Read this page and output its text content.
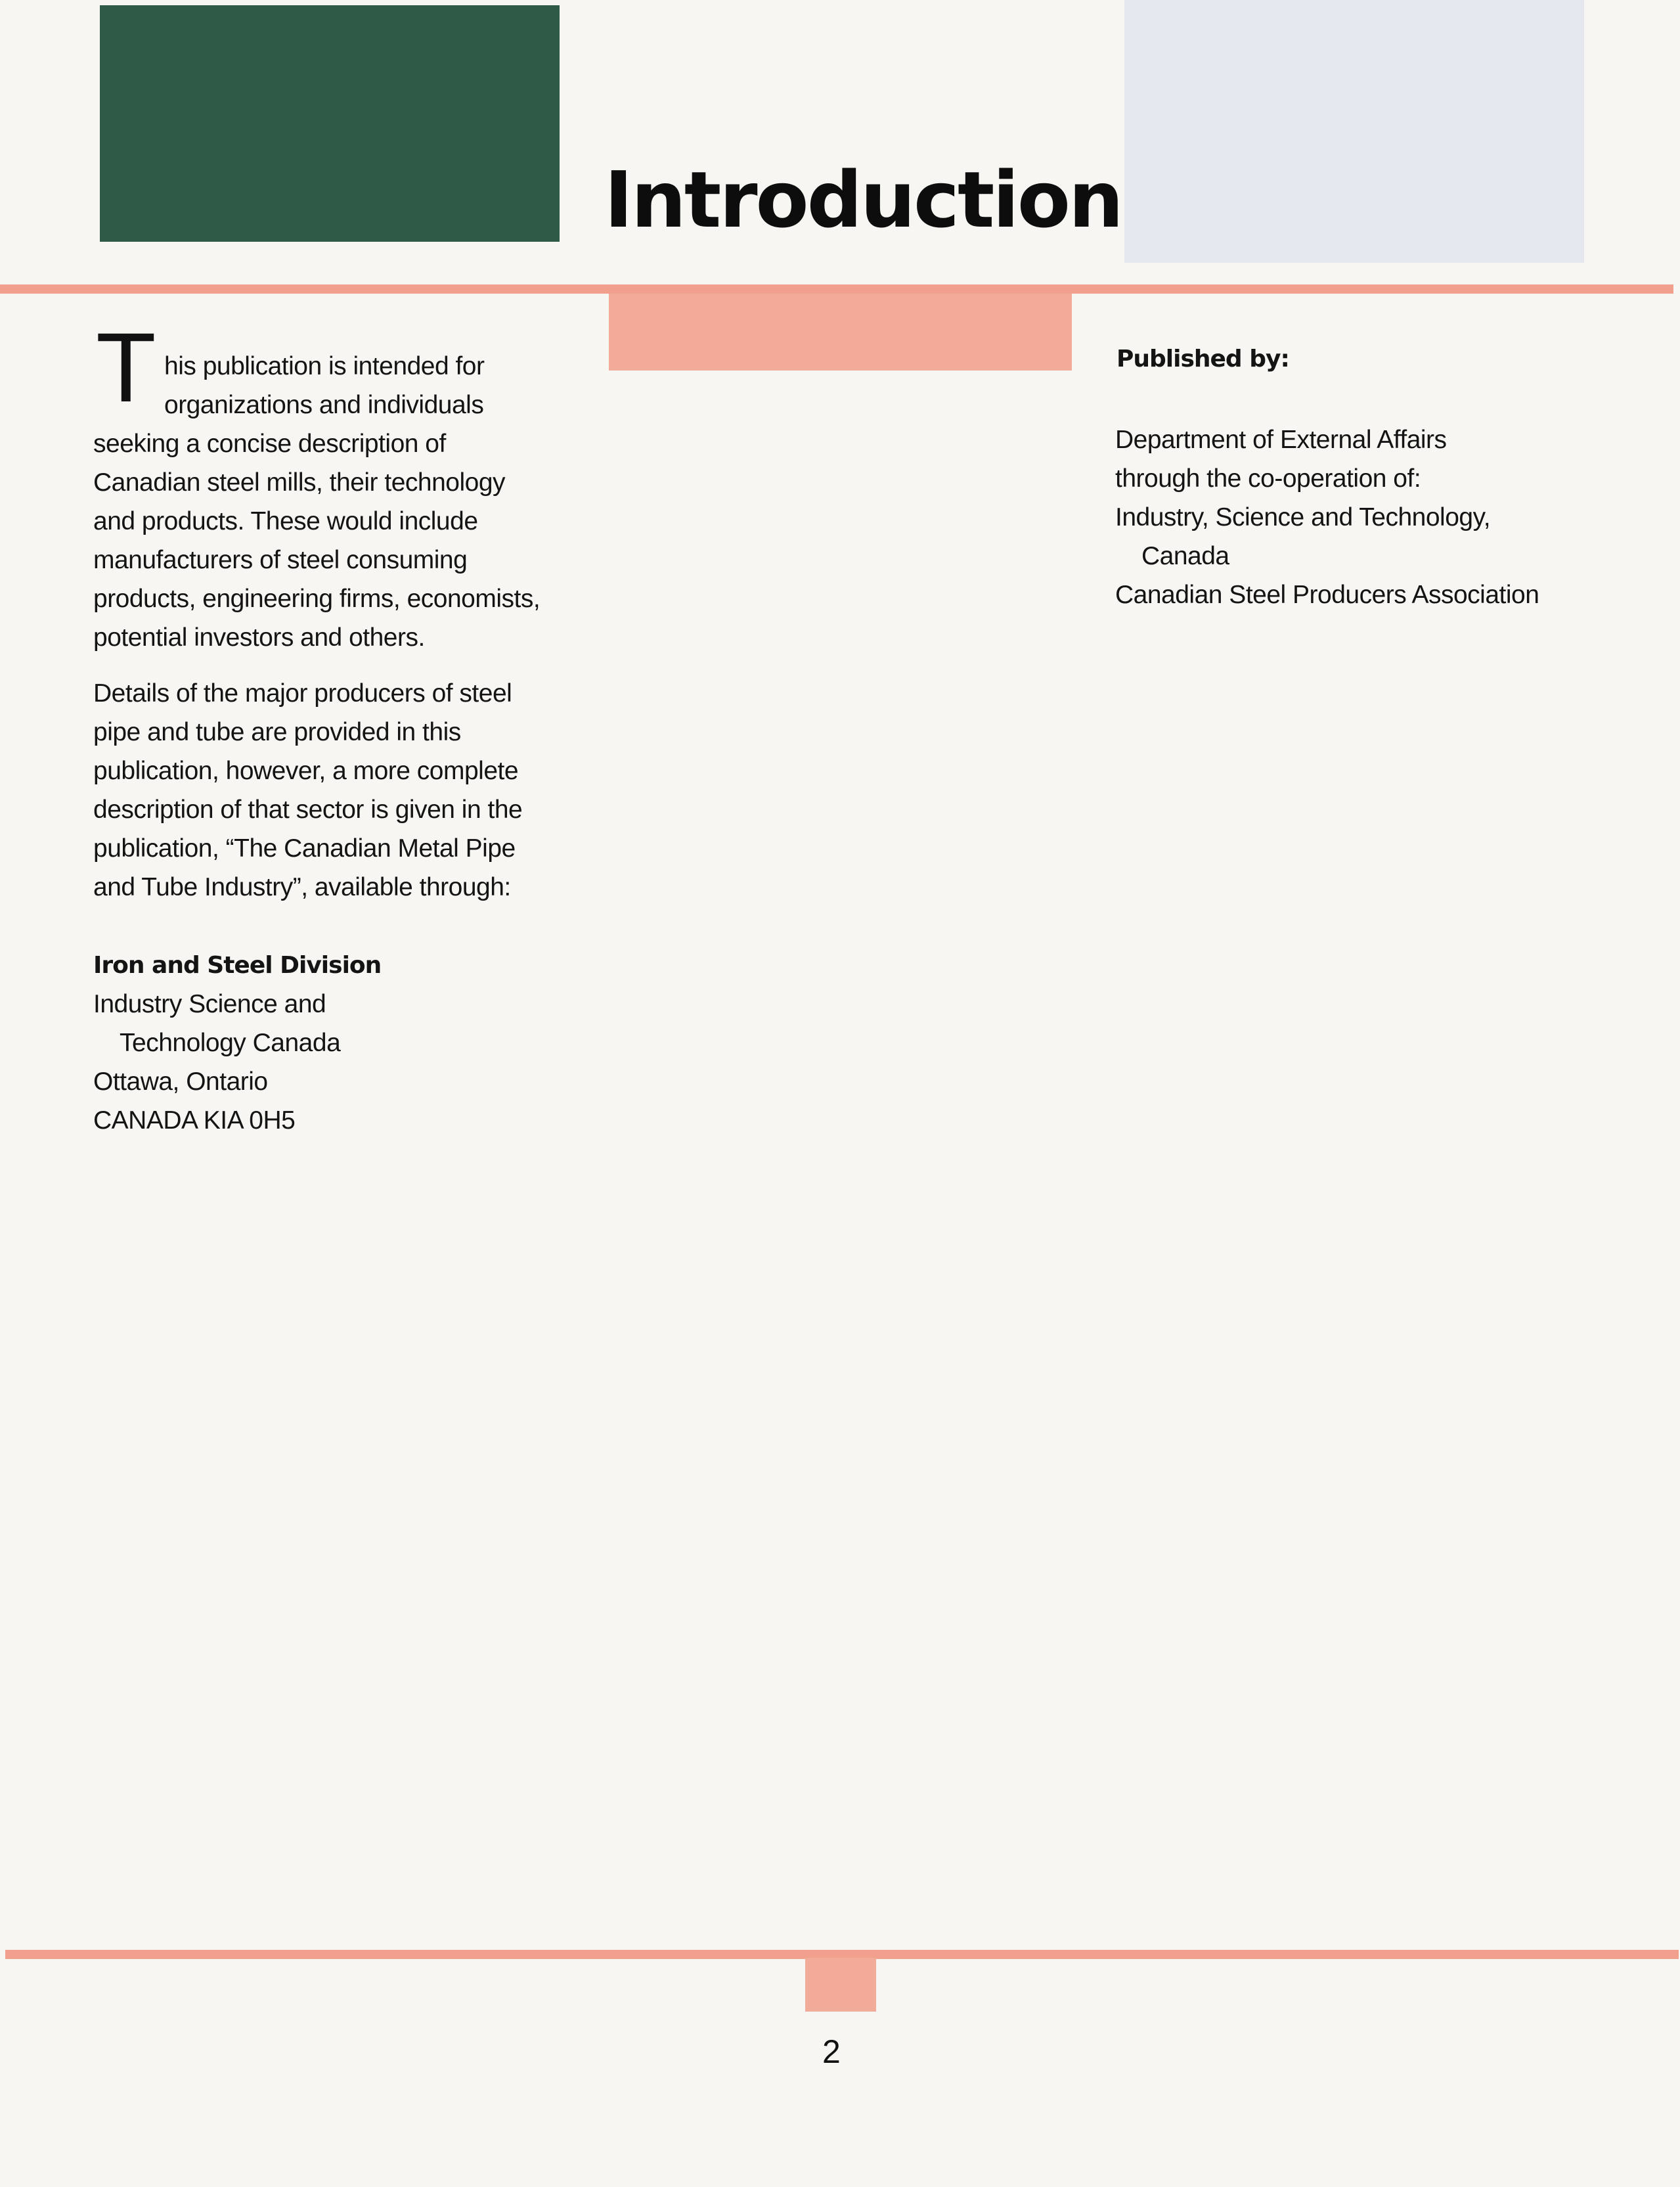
Introduction
T his publication is intended for
organizations and individuals
seeking a concise description of
Canadian steel mills, their technology
and products. These would include
manufacturers of steel consuming
products, engineering firms, economists,
potential investors and others.
Details of the major producers of steel
pipe and tube are provided in this
publication, however, a more complete
description of that sector is given in the
publication, “The Canadian Metal Pipe
and Tube Industry”, available through:
Iron and Steel Division
Industry Science and
Technology Canada
Ottawa, Ontario
CANADA KIA 0H5
Published by:
Department of External Affairs
through the co-operation of:
Industry, Science and Technology,
Canada
Canadian Steel Producers Association
2
